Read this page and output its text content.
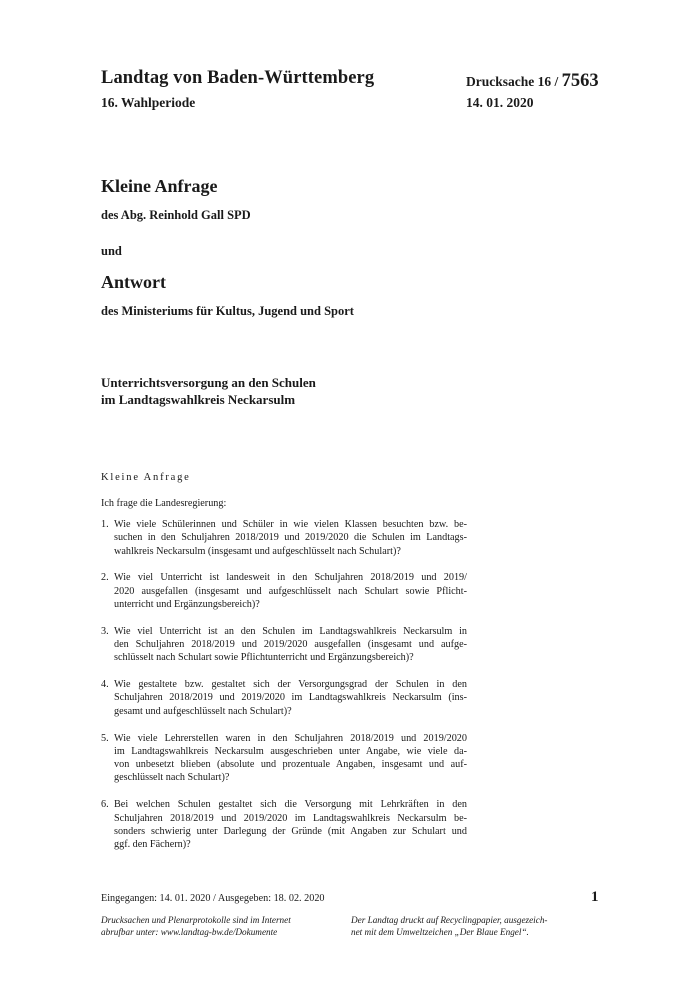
Landtag von Baden-Württemberg
16. Wahlperiode
Drucksache 16 / 7563
14. 01. 2020
Kleine Anfrage
des Abg. Reinhold Gall SPD
und
Antwort
des Ministeriums für Kultus, Jugend und Sport
Unterrichtsversorgung an den Schulen
im Landtagswahlkreis Neckarsulm
Kleine Anfrage
Ich frage die Landesregierung:
1. Wie viele Schülerinnen und Schüler in wie vielen Klassen besuchten bzw. be-
suchen in den Schuljahren 2018/2019 und 2019/2020 die Schulen im Landtags-
wahlkreis Neckarsulm (insgesamt und aufgeschlüsselt nach Schulart)?
2. Wie viel Unterricht ist landesweit in den Schuljahren 2018/2019 und 2019/
2020 ausgefallen (insgesamt und aufgeschlüsselt nach Schulart sowie Pflicht-
unterricht und Ergänzungsbereich)?
3. Wie viel Unterricht ist an den Schulen im Landtagswahlkreis Neckarsulm in
den Schuljahren 2018/2019 und 2019/2020 ausgefallen (insgesamt und aufge-
schlüsselt nach Schulart sowie Pflichtunterricht und Ergänzungsbereich)?
4. Wie gestaltete bzw. gestaltet sich der Versorgungsgrad der Schulen in den
Schuljahren 2018/2019 und 2019/2020 im Landtagswahlkreis Neckarsulm (ins-
gesamt und aufgeschlüsselt nach Schulart)?
5. Wie viele Lehrerstellen waren in den Schuljahren 2018/2019 und 2019/2020
im Landtagswahlkreis Neckarsulm ausgeschrieben unter Angabe, wie viele da-
von unbesetzt blieben (absolute und prozentuale Angaben, insgesamt und auf-
geschlüsselt nach Schulart)?
6. Bei welchen Schulen gestaltet sich die Versorgung mit Lehrkräften in den
Schuljahren 2018/2019 und 2019/2020 im Landtagswahlkreis Neckarsulm be-
sonders schwierig unter Darlegung der Gründe (mit Angaben zur Schulart und
ggf. den Fächern)?
Eingegangen: 14. 01. 2020 / Ausgegeben: 18. 02. 2020	1
Drucksachen und Plenarprotokolle sind im Internet
abrufbar unter: www.landtag-bw.de/Dokumente
Der Landtag druckt auf Recyclingpapier, ausgezeich-
net mit dem Umweltzeichen „Der Blaue Engel“.
